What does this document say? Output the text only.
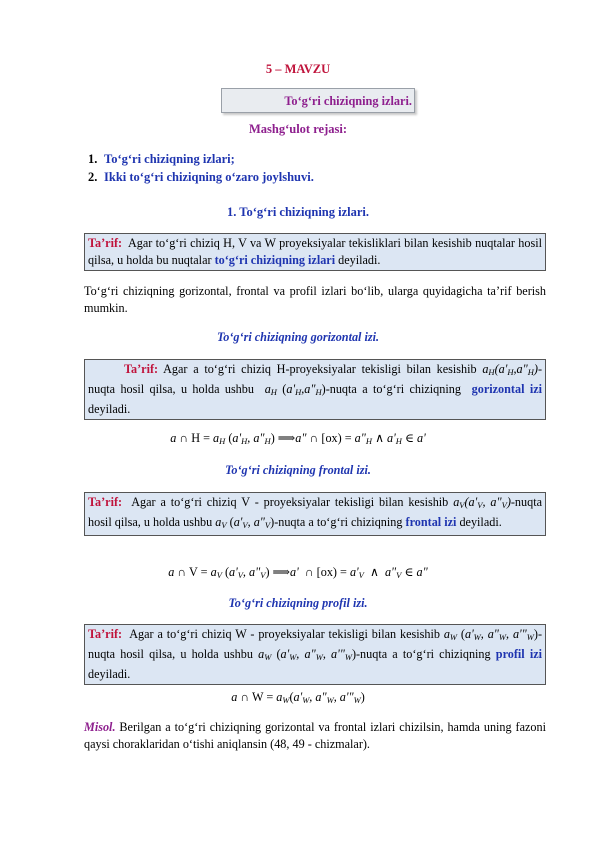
5 – MAVZU
To‘g‘ri chiziqning izlari.
Mashg‘ulot rejasi:
1. To‘g‘ri chiziqning izlari;
2. Ikki to‘g‘ri chiziqning o‘zaro joylshuvi.
1. To‘g‘ri chiziqning izlari.
Ta’rif: Agar to‘g‘ri chiziq H, V va W proyeksiyalar tekisliklari bilan kesishib nuqtalar hosil qilsa, u holda bu nuqtalar to‘g‘ri chiziqning izlari deyiladi.
To‘g‘ri chiziqning gorizontal, frontal va profil izlari bo‘lib, ularga quyidagicha ta’rif berish mumkin.
To‘g‘ri chiziqning gorizontal izi.
Ta’rif: Agar a to‘g‘ri chiziq H-proyeksiyalar tekisligi bilan kesishib $a_H(a'_H,a"_H)$-nuqta hosil qilsa, u holda ushbu $a_H$ $(a'_H,a"_H)$-nuqta a to‘g‘ri chiziqning gorizontal izi deyiladi.
a ∩ $H = a_H$ ($a'_H$, $a"_H$) ⟹a" ∩ $[ox) = a"_H$ ∧ $a'_H$ ∈ a'
To‘g‘ri chiziqning frontal izi.
Ta’rif: Agar a to‘g‘ri chiziq V - proyeksiyalar tekisligi bilan kesishib $a_V(a'_V$, $a"_V$)-nuqta hosil qilsa, u holda ushbu $a_V$ ($a'_V$, $a"_V$)-nuqta a to‘g‘ri chiziqning frontal izi deyiladi.
a ∩ $V = a_V$ ($a'_V$, $a"_V$) ⟹a'  ∩ $[ox) = a'_V$  ∧  $a"_V$ ∈ a"
To‘g‘ri chiziqning profil izi.
Ta’rif: Agar a to‘g‘ri chiziq W - proyeksiyalar tekisligi bilan kesishib $a_W$ ($a'_W$, $a"_W$, $a'"_W$)-nuqta hosil qilsa, u holda ushbu $a_W$ ($a'_W$, $a"_W$, $a'"_W$)-nuqta a to‘g‘ri chiziqning profil izi deyiladi.
a ∩ $W = a_W(a'_W$, $a"_W$, $a'"_W$)
Misol. Berilgan a to‘g‘ri chiziqning gorizontal va frontal izlari chizilsin, hamda uning fazoni qaysi choraklaridan o‘tishi aniqlansin (48, 49 - chizmalar).
